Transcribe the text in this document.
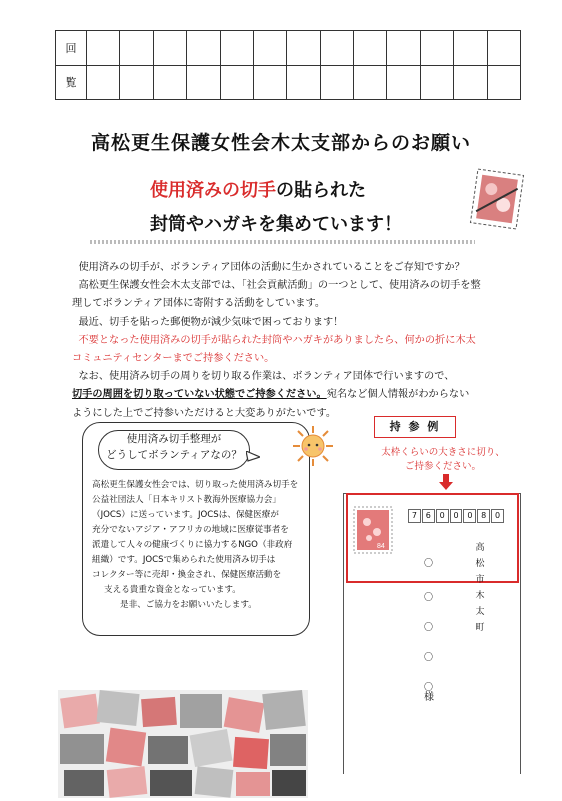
回													
覧													
高松更生保護女性会木太支部からのお願い
使用済みの切手の貼られた
封筒やハガキを集めています！

使用済みの切手が、ボランティア団体の活動に生かされていることをご存知ですか？

高松更生保護女性会木太支部では、「社会貢献活動」の一つとして、使用済みの切手を整

理してボランティア団体に寄附する活動をしています。

最近、切手を貼った郵便物が減少気味で困っております！

不要となった使用済みの切手が貼られた封筒やハガキがありましたら、何かの折に木太

コミュニティセンターまでご持参ください。

なお、使用済み切手の周りを切り取る作業は、ボランティア団体で行いますので、

切手の周囲を切り取っていない状態でご持参ください。宛名など個人情報がわからない

ようにした上でご持参いただけると大変ありがたいです。

使用済み切手整理が
どうしてボランティアなの？

高松更生保護女性会では、切り取った使用済み切手を

公益社団法人「日本キリスト教海外医療協力会」

（JOCS）に送っています。JOCSは、保健医療が

充分でないアジア・アフリカの地域に医療従事者を

派遣して人々の健康づくりに協力するNGO（非政府

組織）です。JOCSで集められた使用済み切手は

コレクター等に売却・換金され、保健医療活動を

支える貴重な資金となっています。

是非、ご協力をお願いいたします。

持 参 例
太枠くらいの大きさに切り、
ご持参ください。
84
7	6	0	0	0	8	0
高
松
市
木
太
町
〇
〇
〇
〇
〇
様
